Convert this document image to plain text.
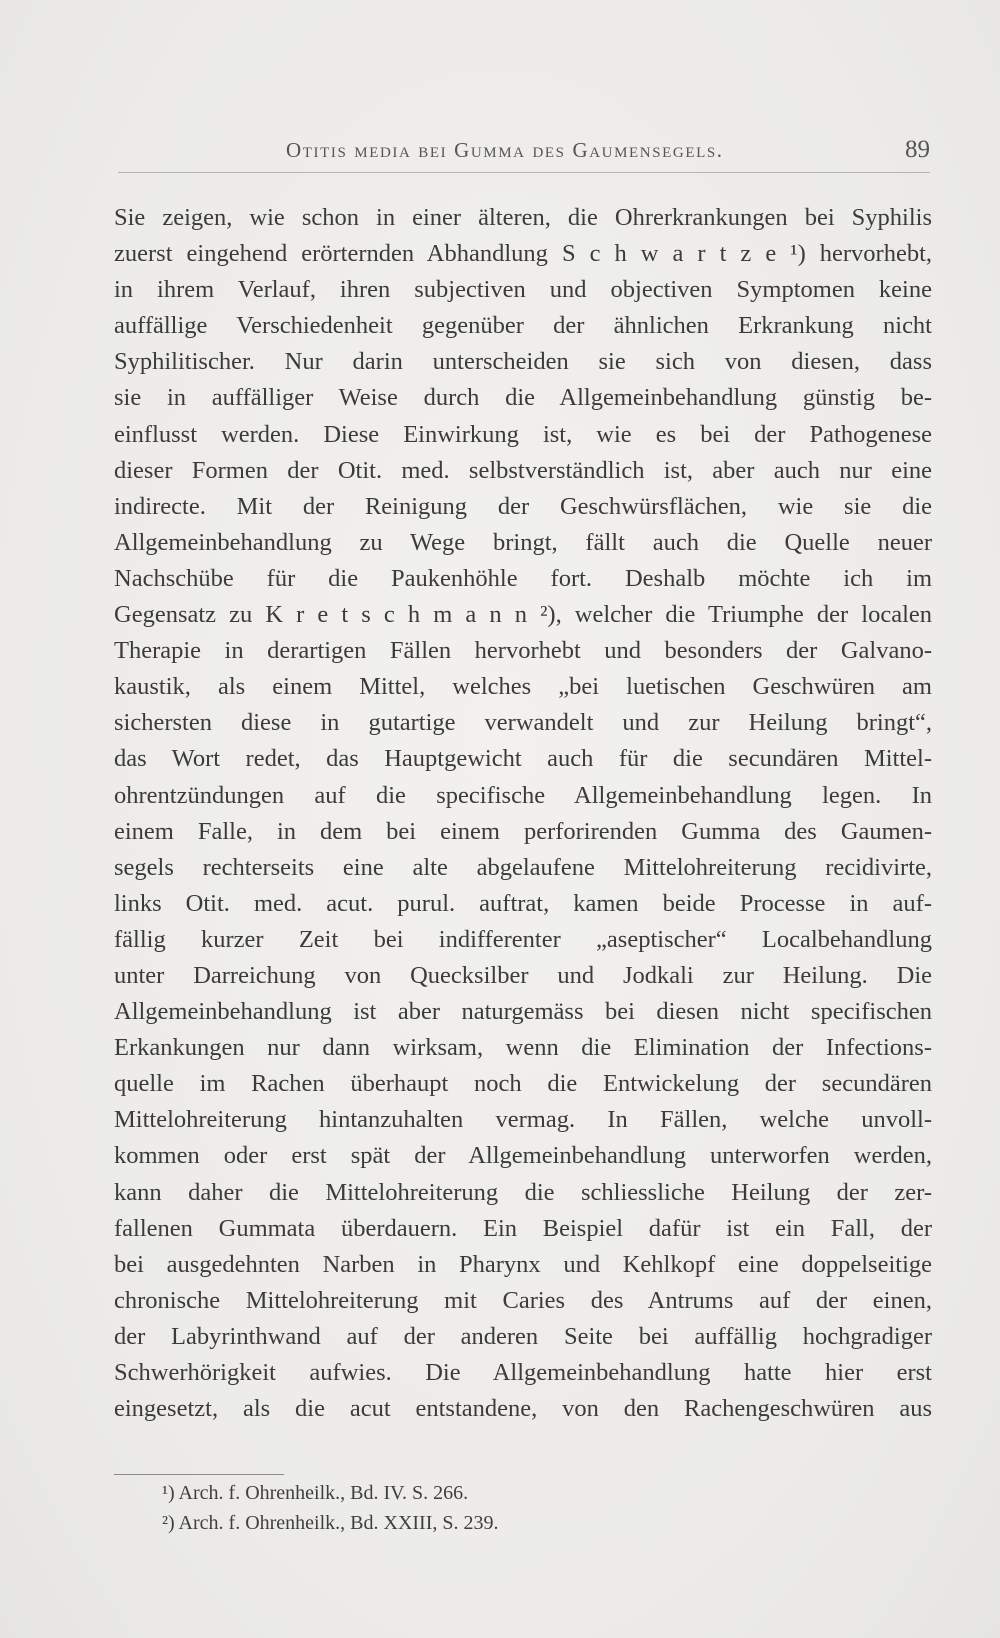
Otitis media bei Gumma des Gaumensegels.	89
Sie zeigen, wie schon in einer älteren, die Ohrerkrankungen bei Syphilis
zuerst eingehend erörternden Abhandlung S c h w a r t z e ¹) hervorhebt,
in ihrem Verlauf, ihren subjectiven und objectiven Symptomen keine
auffällige Verschiedenheit gegenüber der ähnlichen Erkrankung nicht
Syphilitischer. Nur darin unterscheiden sie sich von diesen, dass
sie in auffälliger Weise durch die Allgemeinbehandlung günstig be-
einflusst werden. Diese Einwirkung ist, wie es bei der Pathogenese
dieser Formen der Otit. med. selbstverständlich ist, aber auch nur eine
indirecte. Mit der Reinigung der Geschwürsflächen, wie sie die
Allgemeinbehandlung zu Wege bringt, fällt auch die Quelle neuer
Nachschübe für die Paukenhöhle fort. Deshalb möchte ich im
Gegensatz zu K r e t s c h m a n n ²), welcher die Triumphe der localen
Therapie in derartigen Fällen hervorhebt und besonders der Galvano-
kaustik, als einem Mittel, welches „bei luetischen Geschwüren am
sichersten diese in gutartige verwandelt und zur Heilung bringt“,
das Wort redet, das Hauptgewicht auch für die secundären Mittel-
ohrentzündungen auf die specifische Allgemeinbehandlung legen. In
einem Falle, in dem bei einem perforirenden Gumma des Gaumen-
segels rechterseits eine alte abgelaufene Mittelohreiterung recidivirte,
links Otit. med. acut. purul. auftrat, kamen beide Processe in auf-
fällig kurzer Zeit bei indifferenter „aseptischer“ Localbehandlung
unter Darreichung von Quecksilber und Jodkali zur Heilung. Die
Allgemeinbehandlung ist aber naturgemäss bei diesen nicht specifischen
Erkankungen nur dann wirksam, wenn die Elimination der Infections-
quelle im Rachen überhaupt noch die Entwickelung der secundären
Mittelohreiterung hintanzuhalten vermag. In Fällen, welche unvoll-
kommen oder erst spät der Allgemeinbehandlung unterworfen werden,
kann daher die Mittelohreiterung die schliessliche Heilung der zer-
fallenen Gummata überdauern. Ein Beispiel dafür ist ein Fall, der
bei ausgedehnten Narben in Pharynx und Kehlkopf eine doppelseitige
chronische Mittelohreiterung mit Caries des Antrums auf der einen,
der Labyrinthwand auf der anderen Seite bei auffällig hochgradiger
Schwerhörigkeit aufwies. Die Allgemeinbehandlung hatte hier erst
eingesetzt, als die acut entstandene, von den Rachengeschwüren aus
¹) Arch. f. Ohrenheilk., Bd. IV. S. 266.
²) Arch. f. Ohrenheilk., Bd. XXIII, S. 239.
